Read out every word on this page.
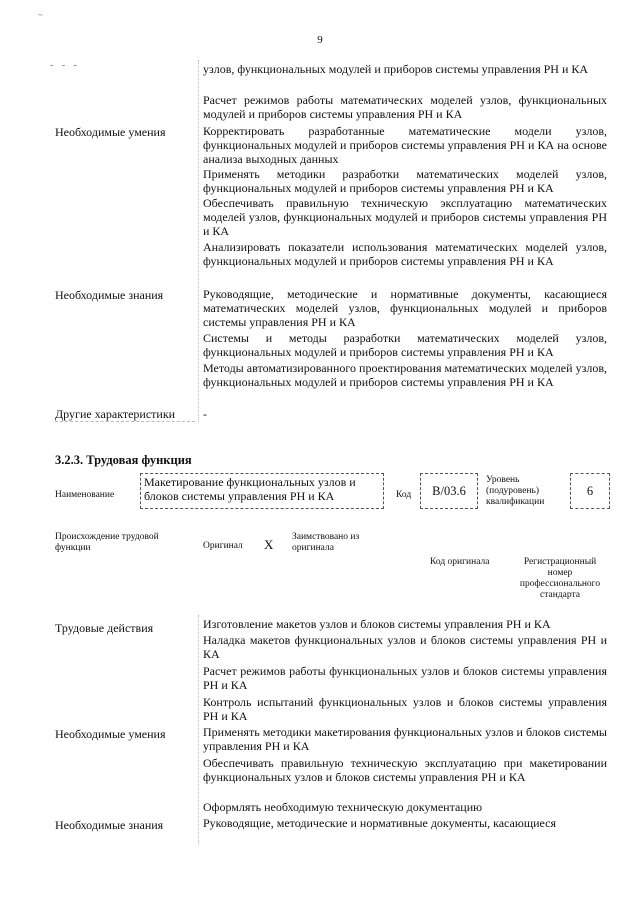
~
- - -
9
узлов, функциональных модулей и приборов системы управления РН и КА
Расчет режимов работы математических моделей узлов, функциональных модулей и приборов системы управления РН и КА
Необходимые умения	Корректировать разработанные математические модели узлов, функциональных модулей и приборов системы управления РН и КА на основе анализа выходных данных
Применять методики разработки математических моделей узлов, функциональных модулей и приборов системы управления РН и КА
Обеспечивать правильную техническую эксплуатацию математических моделей узлов, функциональных модулей и приборов системы управления РН и КА
Анализировать показатели использования математических моделей узлов, функциональных модулей и приборов системы управления РН и КА
Необходимые знания	Руководящие, методические и нормативные документы, касающиеся математических моделей узлов, функциональных модулей и приборов системы управления РН и КА
Системы и методы разработки математических моделей узлов, функциональных модулей и приборов системы управления РН и КА
Методы автоматизированного проектирования математических моделей узлов, функциональных модулей и приборов системы управления РН и КА
Другие характеристики -
3.2.3. Трудовая функция
Наименование
Макетирование функциональных узлов и блоков системы управления РН и КА	Код	B/03.6
Уровень (подуровень) квалификации
6
Происхождение трудовой функции	Оригинал X Заимствовано из оригинала
Код оригинала	Регистрационный номер профессионального стандарта
Трудовые действия	Изготовление макетов узлов и блоков системы управления РН и КА
Наладка макетов функциональных узлов и блоков системы управления РН и КА
Расчет режимов работы функциональных узлов и блоков системы управления РН и КА
Контроль испытаний функциональных узлов и блоков системы управления РН и КА
Необходимые умения	Применять методики макетирования функциональных узлов и блоков системы управления РН и КА
Обеспечивать правильную техническую эксплуатацию при макетировании функциональных узлов и блоков системы управления РН и КА
Оформлять необходимую техническую документацию
Необходимые знания	Руководящие, методические и нормативные документы, касающиеся
